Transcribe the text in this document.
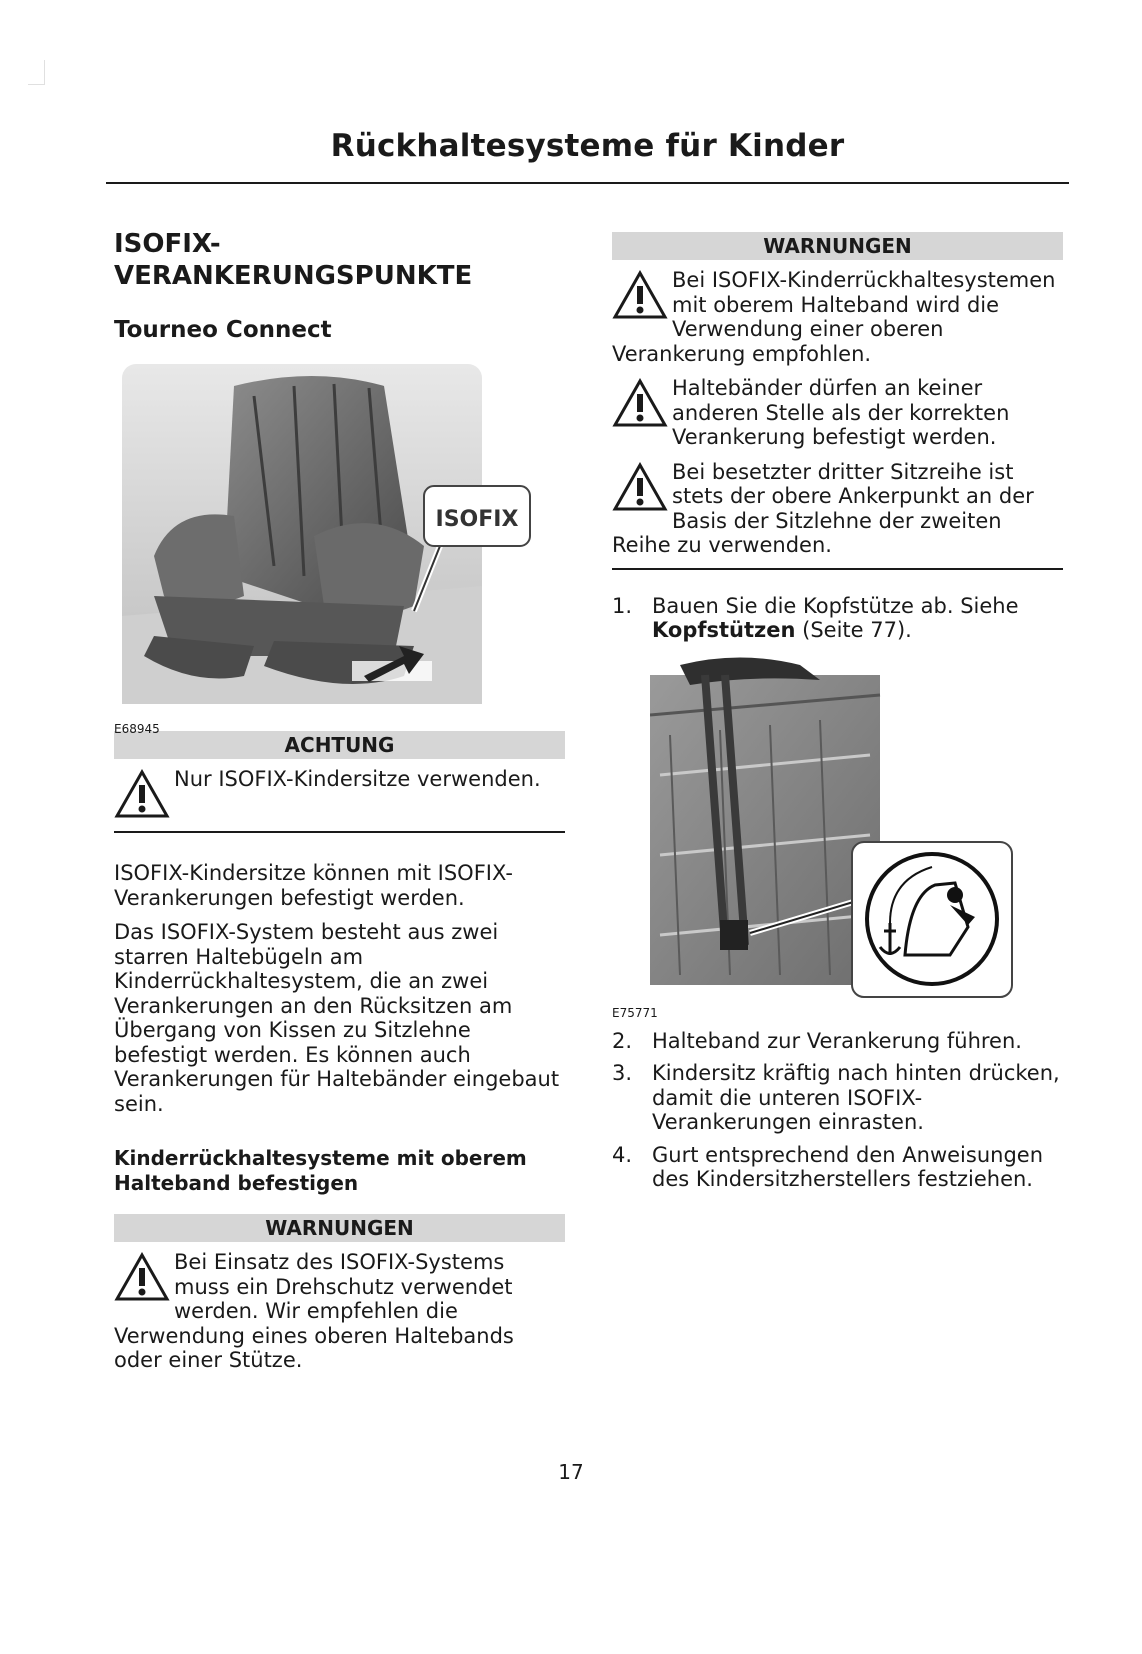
Rückhaltesysteme für Kinder
ISOFIX-VERANKERUNGSPUNKTE
Tourneo Connect
ISOFIX
E68945
ACHTUNG
Nur ISOFIX-Kindersitze verwenden.

ISOFIX-Kindersitze können mit ISOFIX-Verankerungen befestigt werden.

Das ISOFIX-System besteht aus zwei starren Haltebügeln am Kinderrückhaltesystem, die an zwei Verankerungen an den Rücksitzen am Übergang von Kissen zu Sitzlehne befestigt werden. Es können auch Verankerungen für Haltebänder eingebaut sein.

Kinderrückhaltesysteme mit oberem Halteband befestigen
WARNUNGEN
Bei Einsatz des ISOFIX-Systems muss ein Drehschutz verwendet werden. Wir empfehlen die Verwendung eines oberen Haltebands oder einer Stütze.
WARNUNGEN
Bei ISOFIX-Kinderrückhaltesystemen mit oberem Halteband wird die Verwendung einer oberen Verankerung empfohlen.
Haltebänder dürfen an keiner anderen Stelle als der korrekten Verankerung befestigt werden.
Bei besetzter dritter Sitzreihe ist stets der obere Ankerpunkt an der Basis der Sitzlehne der zweiten Reihe zu verwenden.
1. Bauen Sie die Kopfstütze ab. Siehe Kopfstützen (Seite 77).
E75771
2. Halteband zur Verankerung führen.
3. Kindersitz kräftig nach hinten drücken, damit die unteren ISOFIX-Verankerungen einrasten.
4. Gurt entsprechend den Anweisungen des Kindersitzherstellers festziehen.
17
